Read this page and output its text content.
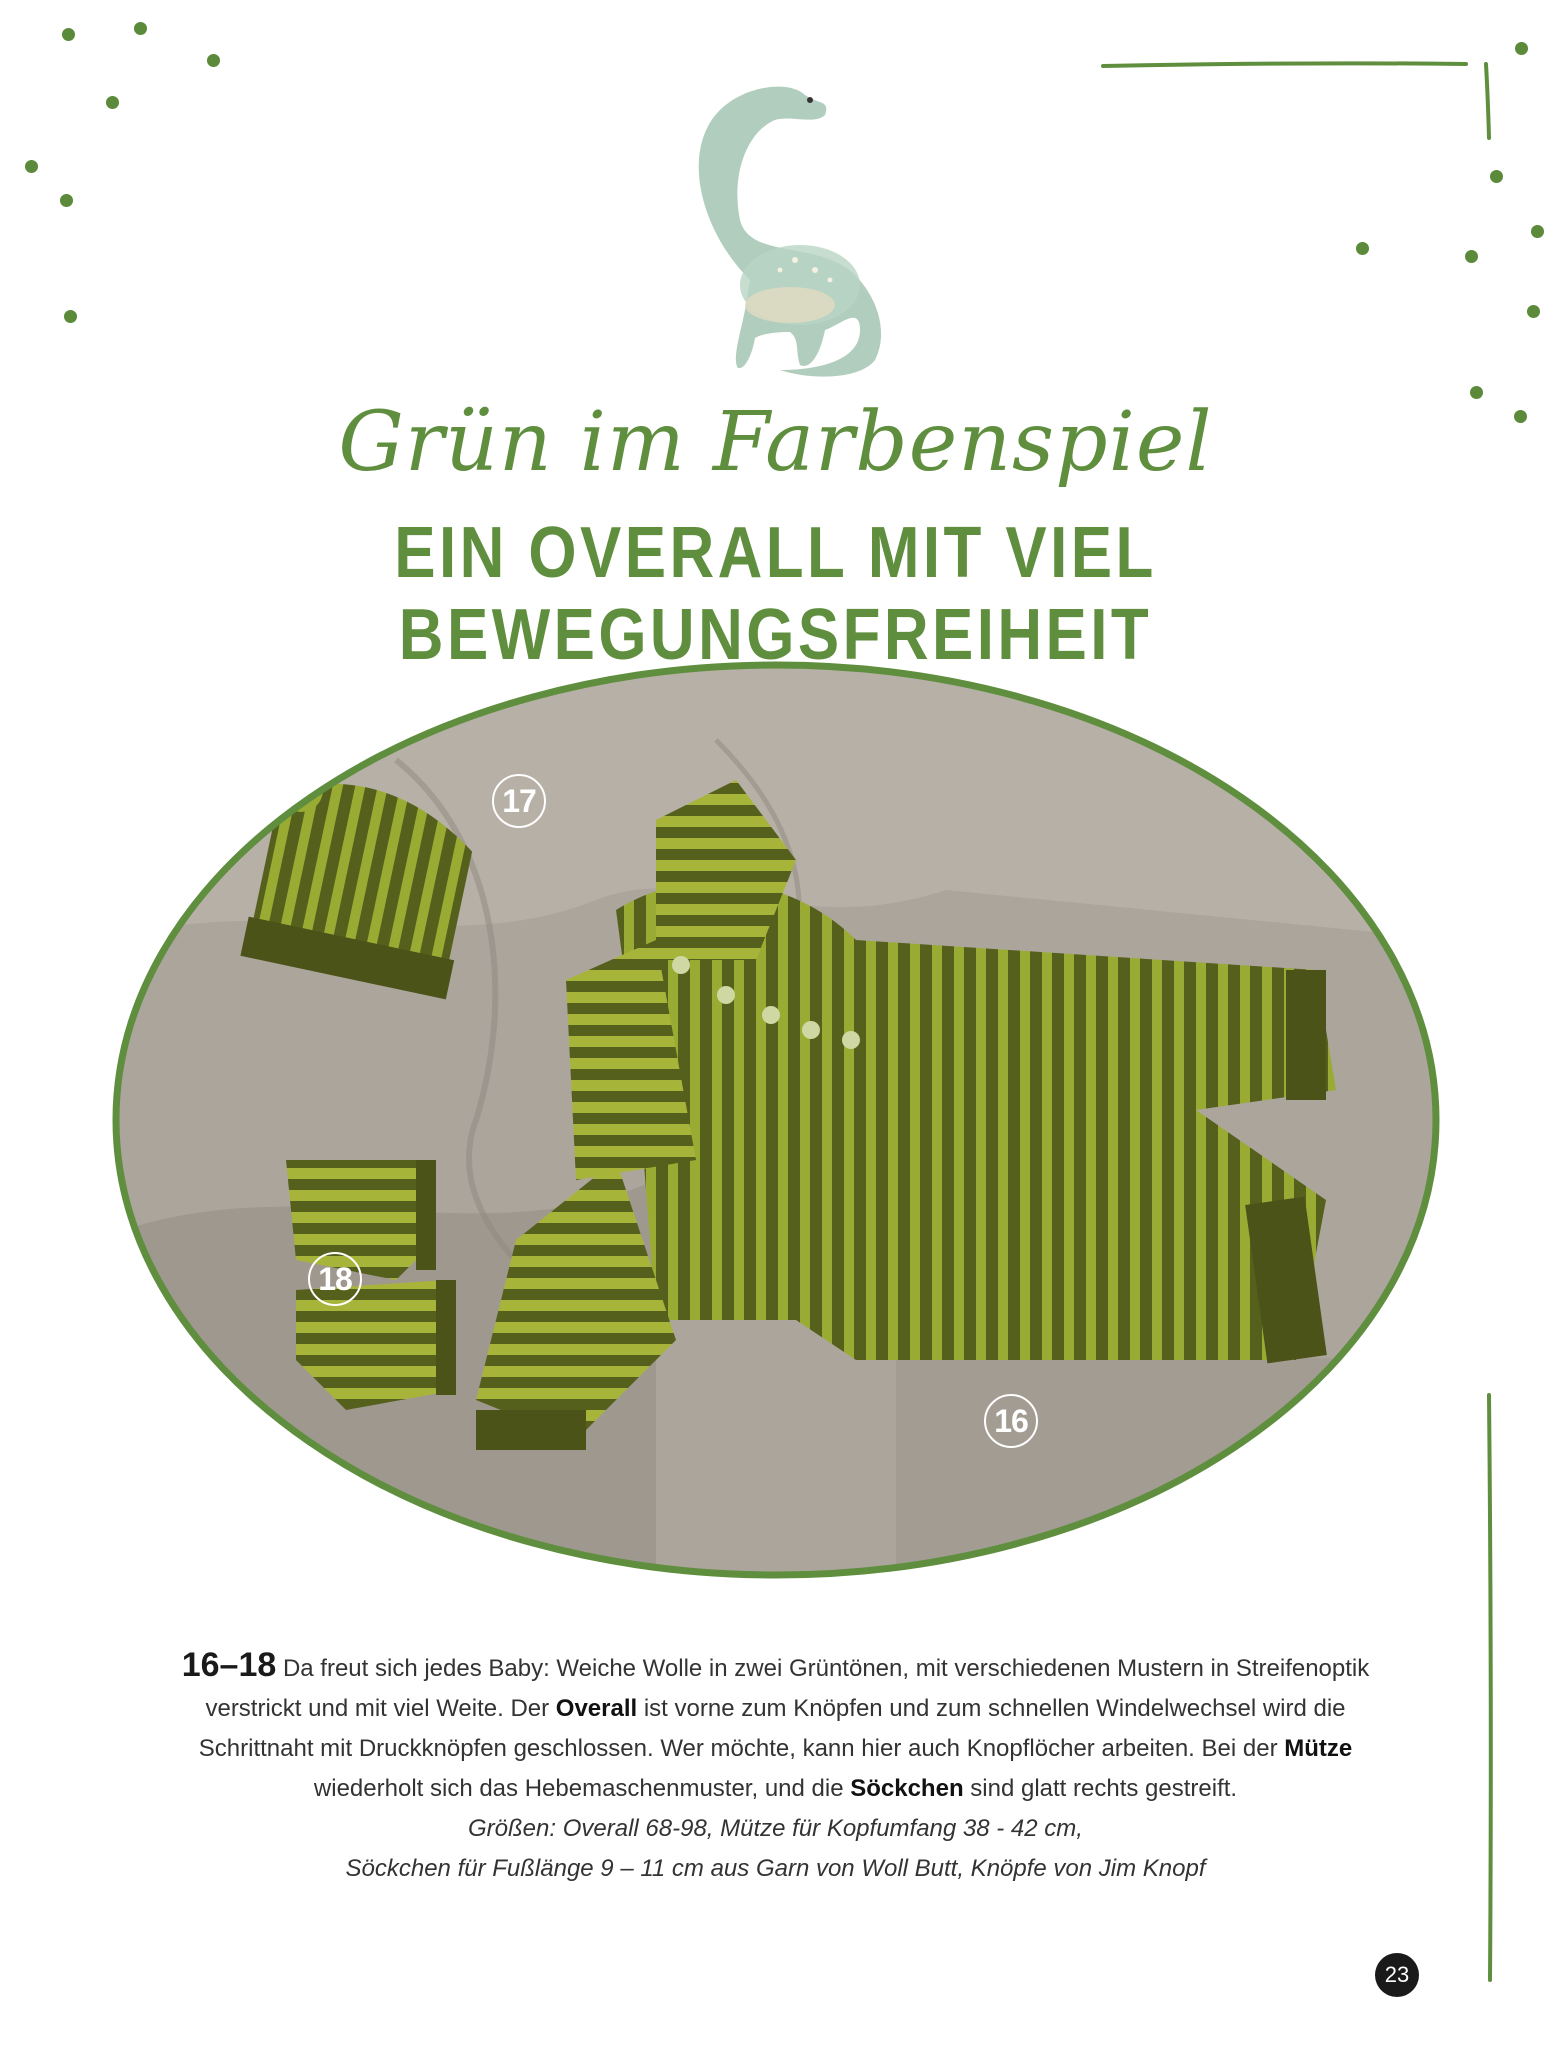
Grün im Farbenspiel
EIN OVERALL MIT VIEL BEWEGUNGSFREIHEIT
17
18
16
16–18 Da freut sich jedes Baby: Weiche Wolle in zwei Grüntönen, mit verschiedenen Mustern in Streifenoptik verstrickt und mit viel Weite. Der Overall ist vorne zum Knöpfen und zum schnellen Windelwechsel wird die Schrittnaht mit Druckknöpfen geschlossen. Wer möchte, kann hier auch Knopflöcher arbeiten. Bei der Mütze wiederholt sich das Hebemaschenmuster, und die Söckchen sind glatt rechts gestreift.
Größen: Overall 68-98, Mütze für Kopfumfang 38 - 42 cm,
Söckchen für Fußlänge 9 – 11 cm aus Garn von Woll Butt, Knöpfe von Jim Knopf
23
